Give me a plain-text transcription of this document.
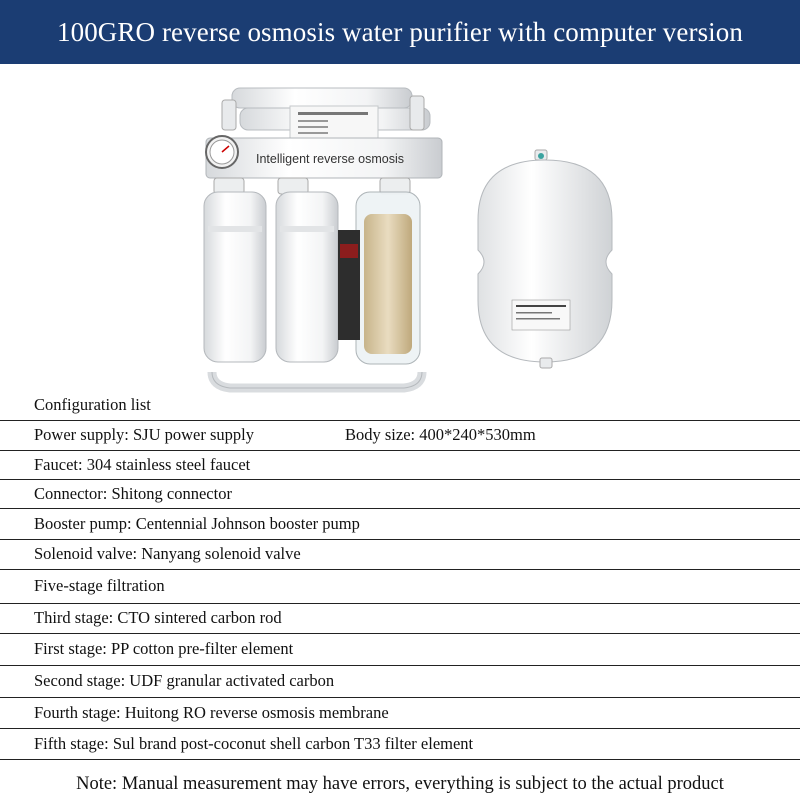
100GRO reverse osmosis water purifier with computer version
Intelligent reverse osmosis
Configuration list
Power supply: SJU power supply	Body size: 400*240*530mm
Faucet: 304 stainless steel faucet
Connector: Shitong connector
Booster pump: Centennial Johnson booster pump
Solenoid valve: Nanyang solenoid valve
Five-stage filtration
Third stage: CTO sintered carbon rod
First stage: PP cotton pre-filter element
Second stage: UDF granular activated carbon
Fourth stage: Huitong RO reverse osmosis membrane
Fifth stage: Sul brand post-coconut shell carbon T33 filter element
Note: Manual measurement may have errors, everything is subject to the actual product
